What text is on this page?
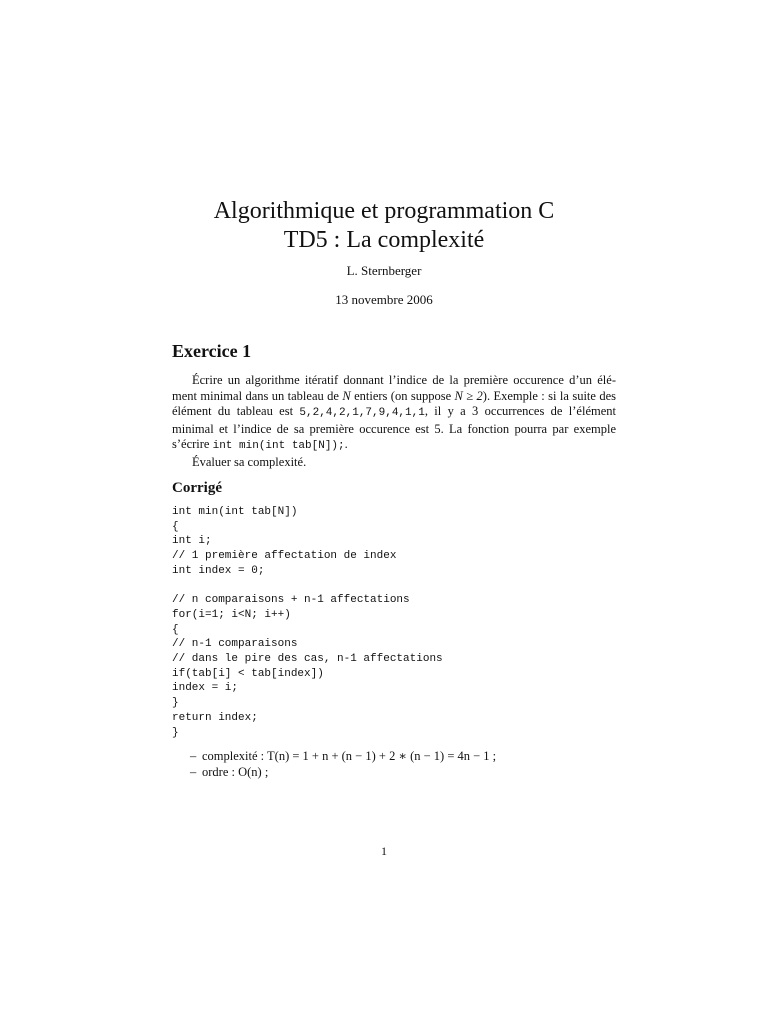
Algorithmique et programmation C
TD5 : La complexité
L. Sternberger
13 novembre 2006
Exercice 1

Écrire un algorithme itératif donnant l’indice de la première occurence d’un élé-ment minimal dans un tableau de N entiers (on suppose N ≥ 2). Exemple : si la suite des élément du tableau est 5,2,4,2,1,7,9,4,1,1, il y a 3 occurrences de l’élément minimal et l’indice de sa première occurence est 5. La fonction pourra par exemple s’écrire int min(int tab[N]);.

Évaluer sa complexité.

Corrigé
int min(int tab[N])
{
int i;
// 1 première affectation de index
int index = 0;
// n comparaisons + n-1 affectations
for(i=1; i<N; i++)
{
// n-1 comparaisons
// dans le pire des cas, n-1 affectations
if(tab[i] < tab[index])
index = i;
}
return index;
}
– complexité : T(n) = 1 + n + (n − 1) + 2 ∗ (n − 1) = 4n − 1 ;
– ordre : O(n) ;
1
